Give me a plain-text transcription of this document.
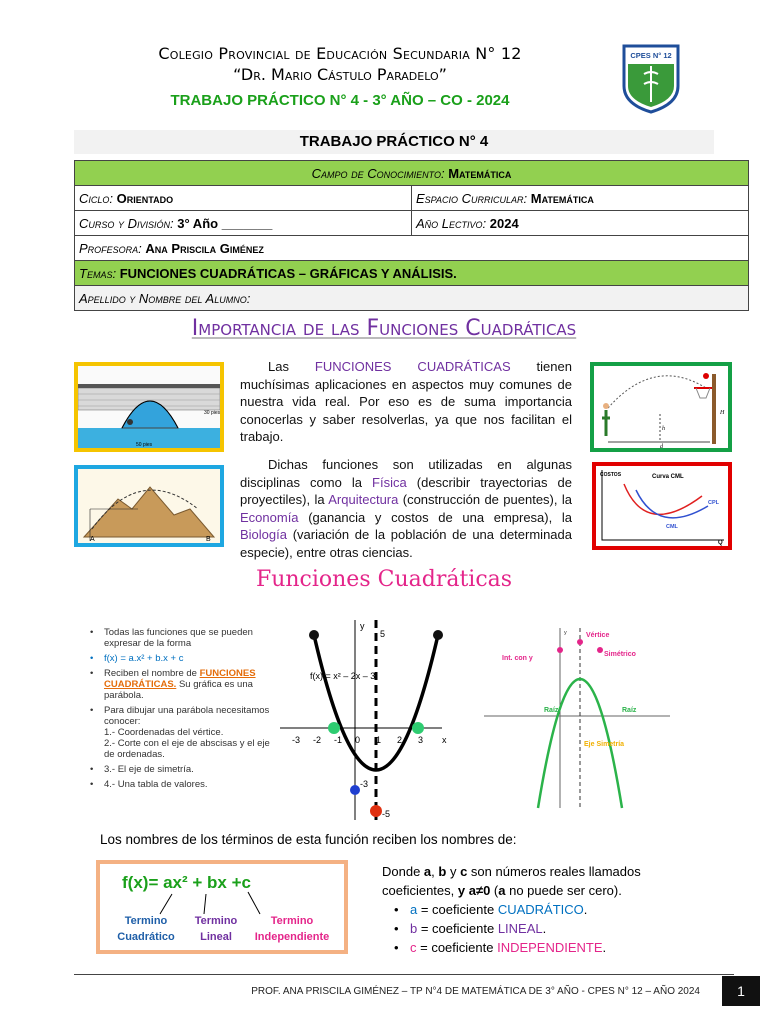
Colegio Provincial de Educación Secundaria N° 12
“Dr. Mario Cástulo Paradelo”
TRABAJO PRÁCTICO N° 4 - 3° AÑO – CO - 2024
CPES N° 12
TRABAJO PRÁCTICO N° 4
Campo de Conocimiento: Matemática	
Ciclo: Orientado	Espacio Curricular: Matemática
Curso y División: 3° Año _______	Año Lectivo: 2024
Profesora: Ana Priscila Giménez	
Temas: FUNCIONES CUADRÁTICAS – GRÁFICAS Y ANÁLISIS.	
Apellido y Nombre del Alumno:	
Importancia de las Funciones Cuadráticas
30 pies
50 pies
A	B
h
H
d
COSTOS	Curva CML
CPL
CML
Q
Las FUNCIONES CUADRÁTICAS tienen muchísimas aplicaciones en aspectos muy comunes de nuestra vida real. Por eso es de suma importancia conocerlas y saber resolverlas, ya que nos facilitan el trabajo.
Dichas funciones son utilizadas en algunas disciplinas como la Física (describir trayectorias de proyectiles), la Arquitectura (construcción de puentes), la Economía (ganancia y costos de una empresa), la Biología (variación de la población de una determinada especie), entre otras ciencias.
Funciones Cuadráticas
• Todas las funciones que se pueden expresar de la forma
• f(x) = a.x² + b.x + c
• Reciben el nombre de FUNCIONES CUADRÁTICAS. Su gráfica es una parábola.
• Para dibujar una parábola necesitamos conocer:
1.- Coordenadas del vértice.
2.- Corte con el eje de abscisas y el eje de ordenadas.
• 3.- El eje de simetría.
• 4.- Una tabla de valores.
y
x
f(x) = x² – 2x – 3
5
-3
-5
-3 -2 -1 0 1 2 3
y	Vértice
Int. con y
Simétrico
Raíz	Raíz
Eje Simetría
Los nombres de los términos de esta función reciben los nombres de:
f(x)= ax² + bx +c
Termino
Cuadrático
Termino
Lineal
Termino
Independiente
Donde a, b y c son números reales llamados coeficientes, y a≠0 (a no puede ser cero).
• a = coeficiente CUADRÁTICO.
• b = coeficiente LINEAL.
• c = coeficiente INDEPENDIENTE.
PROF. ANA PRISCILA GIMÉNEZ – TP N°4 DE MATEMÁTICA DE 3° AÑO - CPES N° 12 – AÑO 2024	1
